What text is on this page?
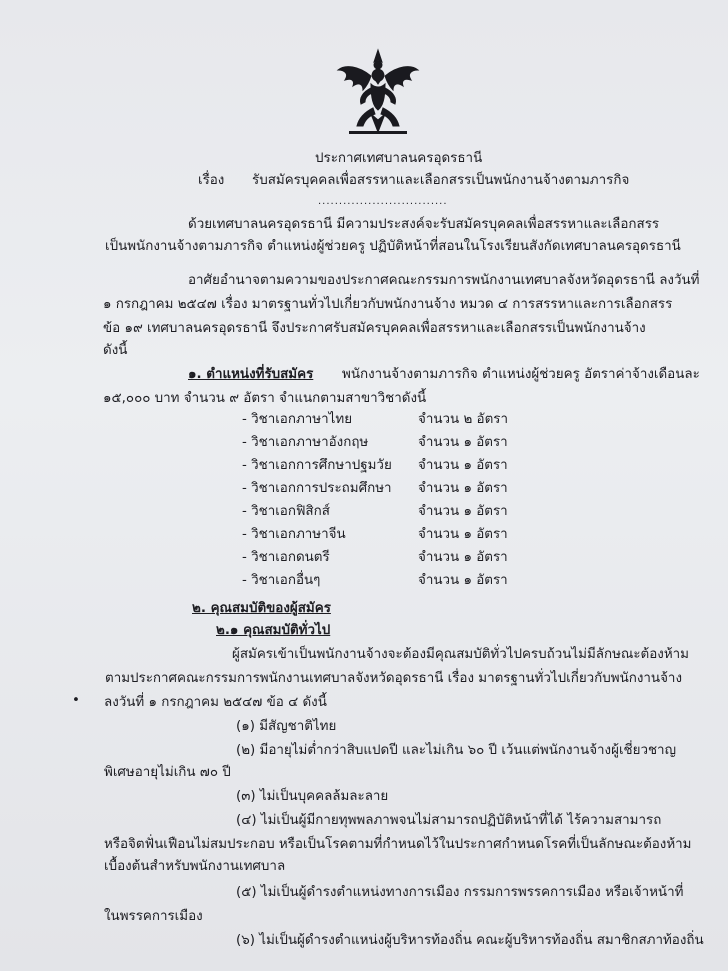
ประกาศเทศบาลนครอุดรธานี
เรื่อง รับสมัครบุคคลเพื่อสรรหาและเลือกสรรเป็นพนักงานจ้างตามภารกิจ
...............................
ด้วยเทศบาลนครอุดรธานี มีความประสงค์จะรับสมัครบุคคลเพื่อสรรหาและเลือกสรร
เป็นพนักงานจ้างตามภารกิจ ตำแหน่งผู้ช่วยครู ปฏิบัติหน้าที่สอนในโรงเรียนสังกัดเทศบาลนครอุดรธานี
อาศัยอำนาจตามความของประกาศคณะกรรมการพนักงานเทศบาลจังหวัดอุดรธานี ลงวันที่
๑ กรกฎาคม ๒๕๔๗ เรื่อง มาตรฐานทั่วไปเกี่ยวกับพนักงานจ้าง หมวด ๔ การสรรหาและการเลือกสรร
ข้อ ๑๙ เทศบาลนครอุดรธานี จึงประกาศรับสมัครบุคคลเพื่อสรรหาและเลือกสรรเป็นพนักงานจ้าง
ดังนี้
๑. ตำแหน่งที่รับสมัคร พนักงานจ้างตามภารกิจ ตำแหน่งผู้ช่วยครู อัตราค่าจ้างเดือนละ
๑๕,๐๐๐ บาท จำนวน ๙ อัตรา จำแนกตามสาขาวิชาดังนี้
- วิชาเอกภาษาไทย	จำนวน ๒ อัตรา
- วิชาเอกภาษาอังกฤษ	จำนวน ๑ อัตรา
- วิชาเอกการศึกษาปฐมวัย จำนวน ๑ อัตรา
- วิชาเอกการประถมศึกษา จำนวน ๑ อัตรา
- วิชาเอกฟิสิกส์	จำนวน ๑ อัตรา
- วิชาเอกภาษาจีน	จำนวน ๑ อัตรา
- วิชาเอกดนตรี	จำนวน ๑ อัตรา
- วิชาเอกอื่นๆ	จำนวน ๑ อัตรา
๒. คุณสมบัติของผู้สมัคร
๒.๑ คุณสมบัติทั่วไป
ผู้สมัครเข้าเป็นพนักงานจ้างจะต้องมีคุณสมบัติทั่วไปครบถ้วนไม่มีลักษณะต้องห้าม
ตามประกาศคณะกรรมการพนักงานเทศบาลจังหวัดอุดรธานี เรื่อง มาตรฐานทั่วไปเกี่ยวกับพนักงานจ้าง
• ลงวันที่ ๑ กรกฎาคม ๒๕๔๗ ข้อ ๔ ดังนี้
(๑) มีสัญชาติไทย
(๒) มีอายุไม่ต่ำกว่าสิบแปดปี และไม่เกิน ๖๐ ปี เว้นแต่พนักงานจ้างผู้เชี่ยวชาญ
พิเศษอายุไม่เกิน ๗๐ ปี
(๓) ไม่เป็นบุคคลล้มละลาย
(๔) ไม่เป็นผู้มีกายทุพพลภาพจนไม่สามารถปฏิบัติหน้าที่ได้ ไร้ความสามารถ
หรือจิตฟั่นเฟือนไม่สมประกอบ หรือเป็นโรคตามที่กำหนดไว้ในประกาศกำหนดโรคที่เป็นลักษณะต้องห้าม
เบื้องต้นสำหรับพนักงานเทศบาล
(๕) ไม่เป็นผู้ดำรงตำแหน่งทางการเมือง กรรมการพรรคการเมือง หรือเจ้าหน้าที่
ในพรรคการเมือง
(๖) ไม่เป็นผู้ดำรงตำแหน่งผู้บริหารท้องถิ่น คณะผู้บริหารท้องถิ่น สมาชิกสภาท้องถิ่น
